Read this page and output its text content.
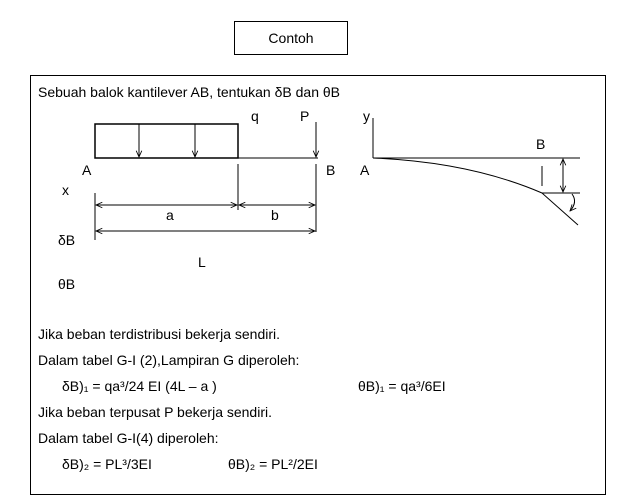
Contoh
Sebuah balok kantilever AB, tentukan δB dan θB
q	P
A	B
x
a	b
δB
L
θB
y
A
B
Jika beban terdistribusi bekerja sendiri.
Dalam tabel G-I (2),Lampiran G diperoleh:
δB)₁ = qa³/24 EI (4L – a )	θB)₁ = qa³/6EI
Jika beban terpusat P bekerja sendiri.
Dalam tabel G-I(4) diperoleh:
δB)₂ = PL³/3EI	θB)₂ = PL²/2EI
